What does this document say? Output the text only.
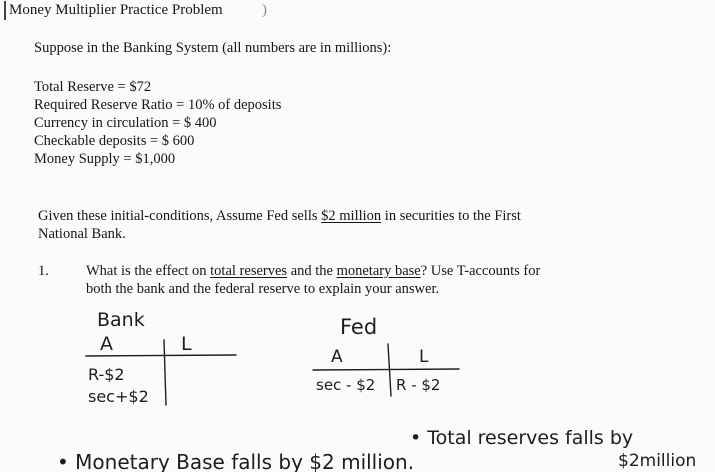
Money Multiplier Practice Problem	)
Suppose in the Banking System (all numbers are in millions):
Total Reserve = $72
Required Reserve Ratio = 10% of deposits
Currency in circulation = $ 400
Checkable deposits = $ 600
Money Supply = $1,000
Given these initial-conditions, Assume Fed sells $2 million in securities to the First
National Bank.
1.	What is the effect on total reserves and the monetary base? Use T-accounts for
both the bank and the federal reserve to explain your answer.
Bank
A	L
R-$2
sec+$2
Fed
A	L
sec - $2 R - $2
• Total reserves falls by
$2million
• Monetary Base falls by $2 million.
